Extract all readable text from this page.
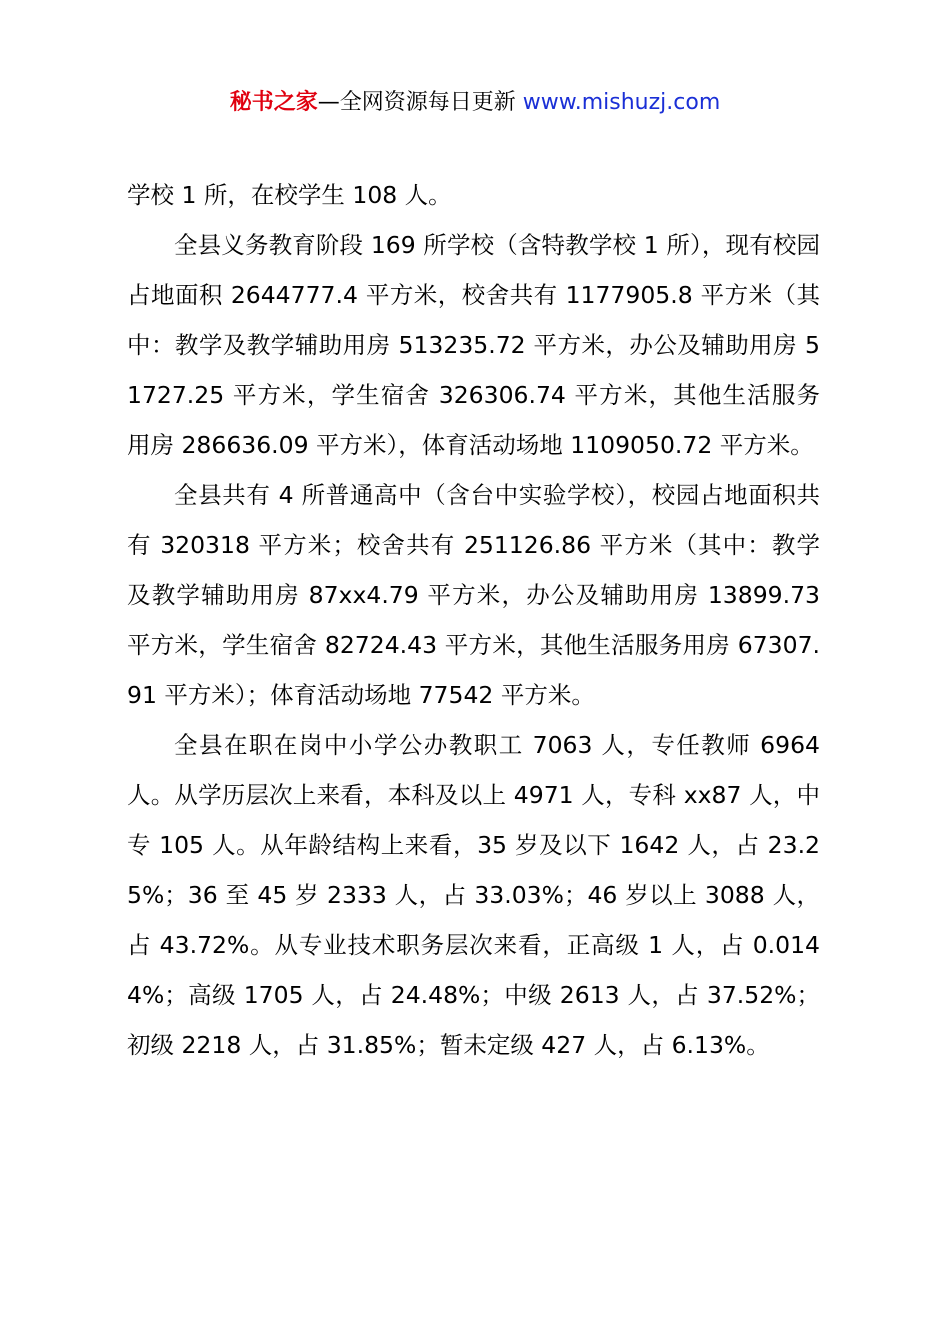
秘书之家—全网资源每日更新 www.mishuzj.com

学校 1 所，在校学生 108 人。

全县义务教育阶段 169 所学校（含特教学校 1 所），现有校园占地面积 2644777.4 平方米，校舍共有 1177905.8 平方米（其中：教学及教学辅助用房 513235.72 平方米，办公及辅助用房 51727.25 平方米，学生宿舍 326306.74 平方米，其他生活服务用房 286636.09 平方米），体育活动场地 1109050.72 平方米。

全县共有 4 所普通高中（含台中实验学校），校园占地面积共有 320318 平方米；校舍共有 251126.86 平方米（其中：教学及教学辅助用房 87xx4.79 平方米，办公及辅助用房 13899.73 平方米，学生宿舍 82724.43 平方米，其他生活服务用房 67307.91 平方米）；体育活动场地 77542 平方米。

全县在职在岗中小学公办教职工 7063 人，专任教师 6964 人。从学历层次上来看，本科及以上 4971 人，专科 xx87 人，中专 105 人。从年龄结构上来看，35 岁及以下 1642 人，占 23.25%；36 至 45 岁 2333 人，占 33.03%；46 岁以上 3088 人，占 43.72%。从专业技术职务层次来看，正高级 1 人，占 0.0144%；高级 1705 人，占 24.48%；中级 2613 人，占 37.52%；初级 2218 人，占 31.85%；暂未定级 427 人，占 6.13%。
